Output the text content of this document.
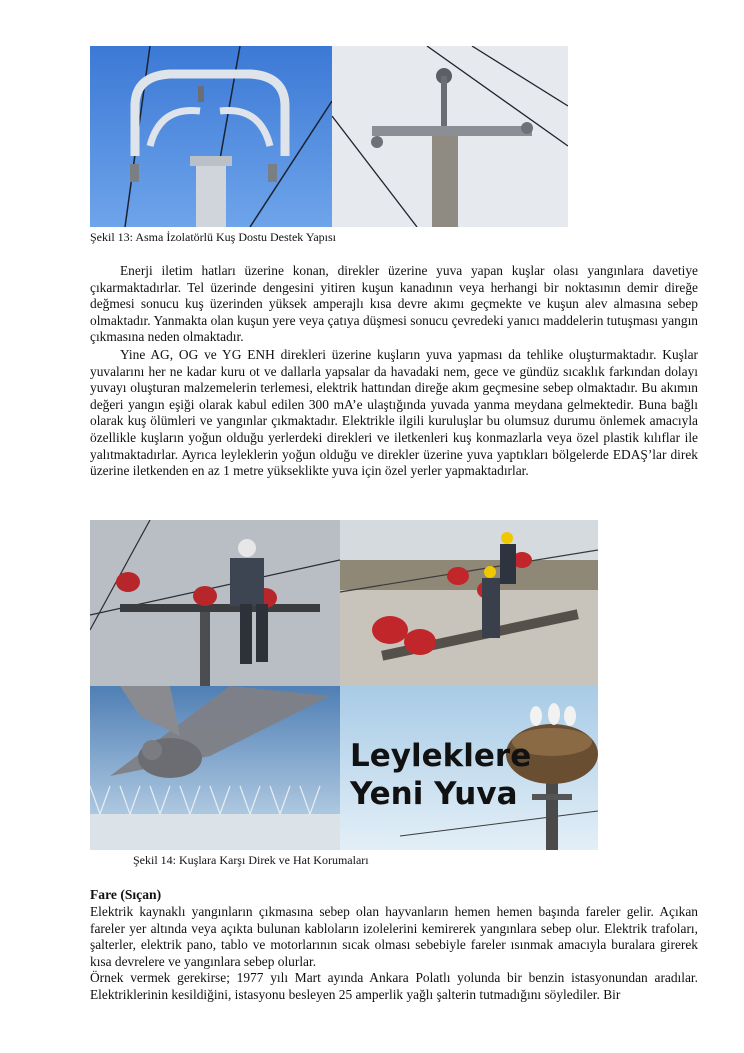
Şekil 13: Asma İzolatörlü Kuş Dostu Destek Yapısı

Enerji iletim hatları üzerine konan, direkler üzerine yuva yapan kuşlar olası yangınlara davetiye çıkarmaktadırlar. Tel üzerinde dengesini yitiren kuşun kanadının veya herhangi bir noktasının demir direğe değmesi sonucu kuş üzerinden yüksek amperajlı kısa devre akımı geçmekte ve kuşun alev almasına sebep olmaktadır. Yanmakta olan kuşun yere veya çatıya düşmesi sonucu çevredeki yanıcı maddelerin tutuşması yangın çıkmasına neden olmaktadır.

Yine AG, OG ve YG ENH direkleri üzerine kuşların yuva yapması da tehlike oluşturmaktadır. Kuşlar yuvalarını her ne kadar kuru ot ve dallarla yapsalar da havadaki nem, gece ve gündüz sıcaklık farkından dolayı yuvayı oluşturan malzemelerin terlemesi, elektrik hattından direğe akım geçmesine sebep olmaktadır. Bu akımın değeri yangın eşiği olarak kabul edilen 300 mA’e ulaştığında yuvada yanma meydana gelmektedir. Buna bağlı olarak kuş ölümleri ve yangınlar çıkmaktadır. Elektrikle ilgili kuruluşlar bu olumsuz durumu önlemek amacıyla özellikle kuşların yoğun olduğu yerlerdeki direkleri ve iletkenleri kuş konmazlarla veya özel plastik kılıflar ile yalıtmaktadırlar. Ayrıca leyleklerin yoğun olduğu ve direkler üzerine yuva yaptıkları bölgelerde EDAŞ’lar direk üzerine iletkenden en az 1 metre yükseklikte yuva için özel yerler yapmaktadırlar.

Leyleklere
Yeni Yuva
Şekil 14: Kuşlara Karşı Direk ve Hat Korumaları
Fare (Sıçan)

Elektrik kaynaklı yangınların çıkmasına sebep olan hayvanların hemen hemen başında fareler gelir. Açıkan fareler yer altında veya açıkta bulunan kabloların izolelerini kemirerek yangınlara sebep olur. Elektrik trafoları, şalterler, elektrik pano, tablo ve motorlarının sıcak olması sebebiyle fareler ısınmak amacıyla buralara girerek kısa devrelere ve yangınlara sebep olurlar.

Örnek vermek gerekirse; 1977 yılı Mart ayında Ankara Polatlı yolunda bir benzin istasyonundan aradılar. Elektriklerinin kesildiğini, istasyonu besleyen 25 amperlik yağlı şalterin tutmadığını söylediler. Bir
